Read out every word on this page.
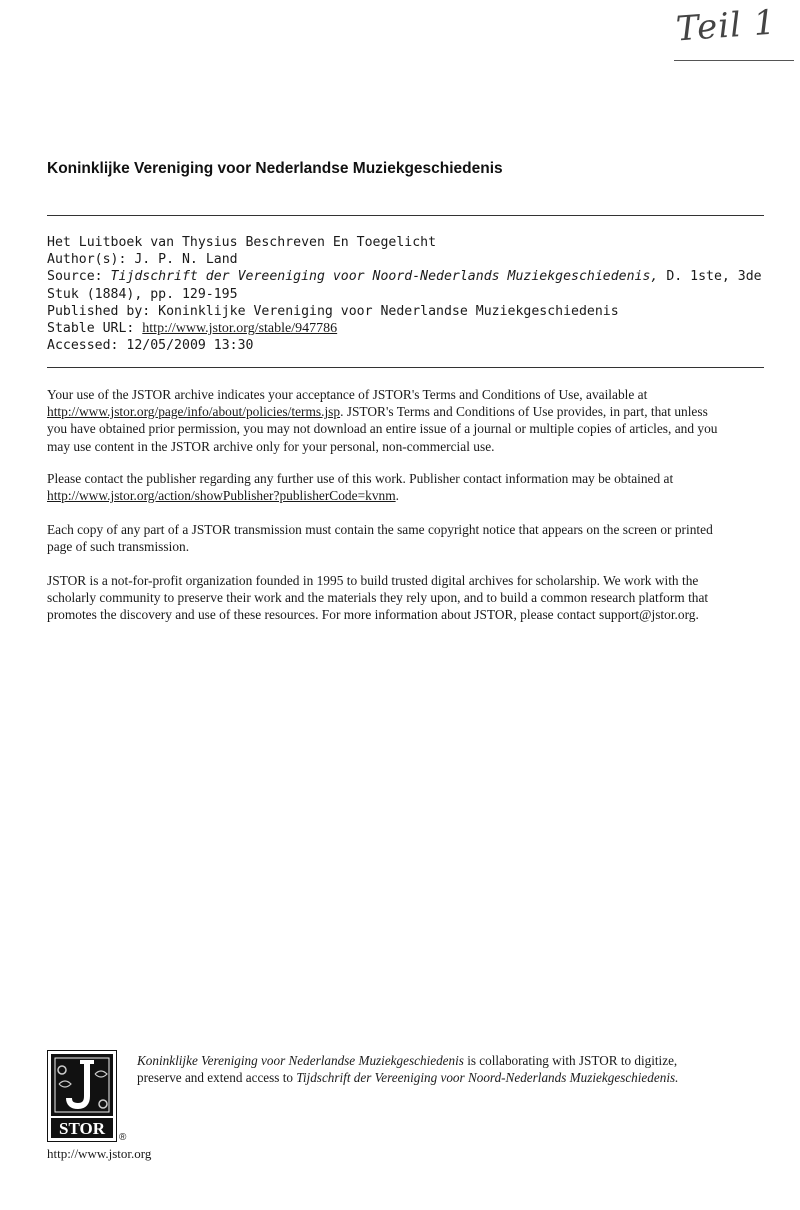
Teil 1
Koninklijke Vereniging voor Nederlandse Muziekgeschiedenis
Het Luitboek van Thysius Beschreven En Toegelicht
Author(s): J. P. N. Land
Source: Tijdschrift der Vereeniging voor Noord-Nederlands Muziekgeschiedenis, D. 1ste, 3de
Stuk (1884), pp. 129-195
Published by: Koninklijke Vereniging voor Nederlandse Muziekgeschiedenis
Stable URL: http://www.jstor.org/stable/947786
Accessed: 12/05/2009 13:30
Your use of the JSTOR archive indicates your acceptance of JSTOR's Terms and Conditions of Use, available at
http://www.jstor.org/page/info/about/policies/terms.jsp. JSTOR's Terms and Conditions of Use provides, in part, that unless
you have obtained prior permission, you may not download an entire issue of a journal or multiple copies of articles, and you
may use content in the JSTOR archive only for your personal, non-commercial use.
Please contact the publisher regarding any further use of this work. Publisher contact information may be obtained at
http://www.jstor.org/action/showPublisher?publisherCode=kvnm.
Each copy of any part of a JSTOR transmission must contain the same copyright notice that appears on the screen or printed
page of such transmission.
JSTOR is a not-for-profit organization founded in 1995 to build trusted digital archives for scholarship. We work with the
scholarly community to preserve their work and the materials they rely upon, and to build a common research platform that
promotes the discovery and use of these resources. For more information about JSTOR, please contact support@jstor.org.
STOR ®
Koninklijke Vereniging voor Nederlandse Muziekgeschiedenis is collaborating with JSTOR to digitize,
preserve and extend access to Tijdschrift der Vereeniging voor Noord-Nederlands Muziekgeschiedenis.
http://www.jstor.org
